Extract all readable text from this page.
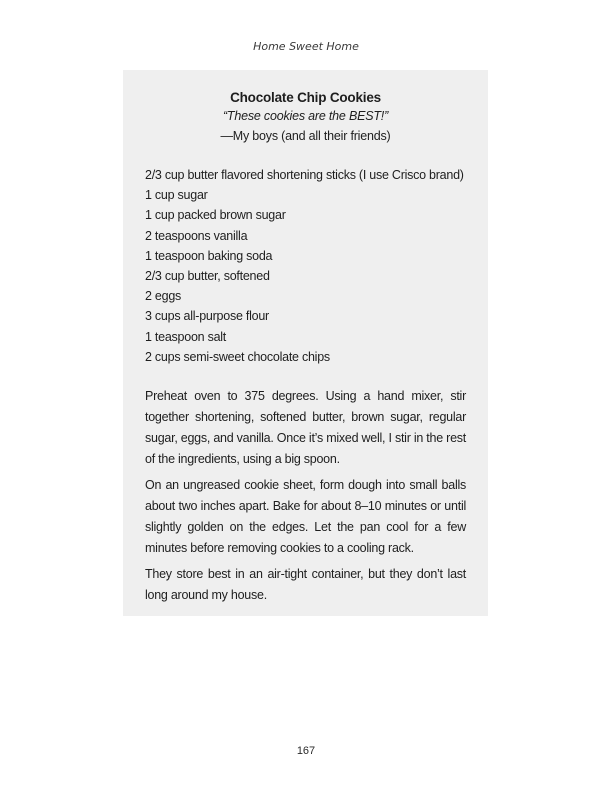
Home Sweet Home
Chocolate Chip Cookies
“These cookies are the BEST!”
—My boys (and all their friends)
2/3 cup butter flavored shortening sticks (I use Crisco brand)
1 cup sugar
1 cup packed brown sugar
2 teaspoons vanilla
1 teaspoon baking soda
2/3 cup butter, softened
2 eggs
3 cups all-purpose flour
1 teaspoon salt
2 cups semi-sweet chocolate chips

Preheat oven to 375 degrees. Using a hand mixer, stir together shortening, softened butter, brown sugar, regular sugar, eggs, and vanilla. Once it’s mixed well, I stir in the rest of the ingredients, using a big spoon.

On an ungreased cookie sheet, form dough into small balls about two inches apart. Bake for about 8–10 minutes or until slightly golden on the edges. Let the pan cool for a few minutes before removing cookies to a cooling rack.

They store best in an air-tight container, but they don’t last long around my house.

167
